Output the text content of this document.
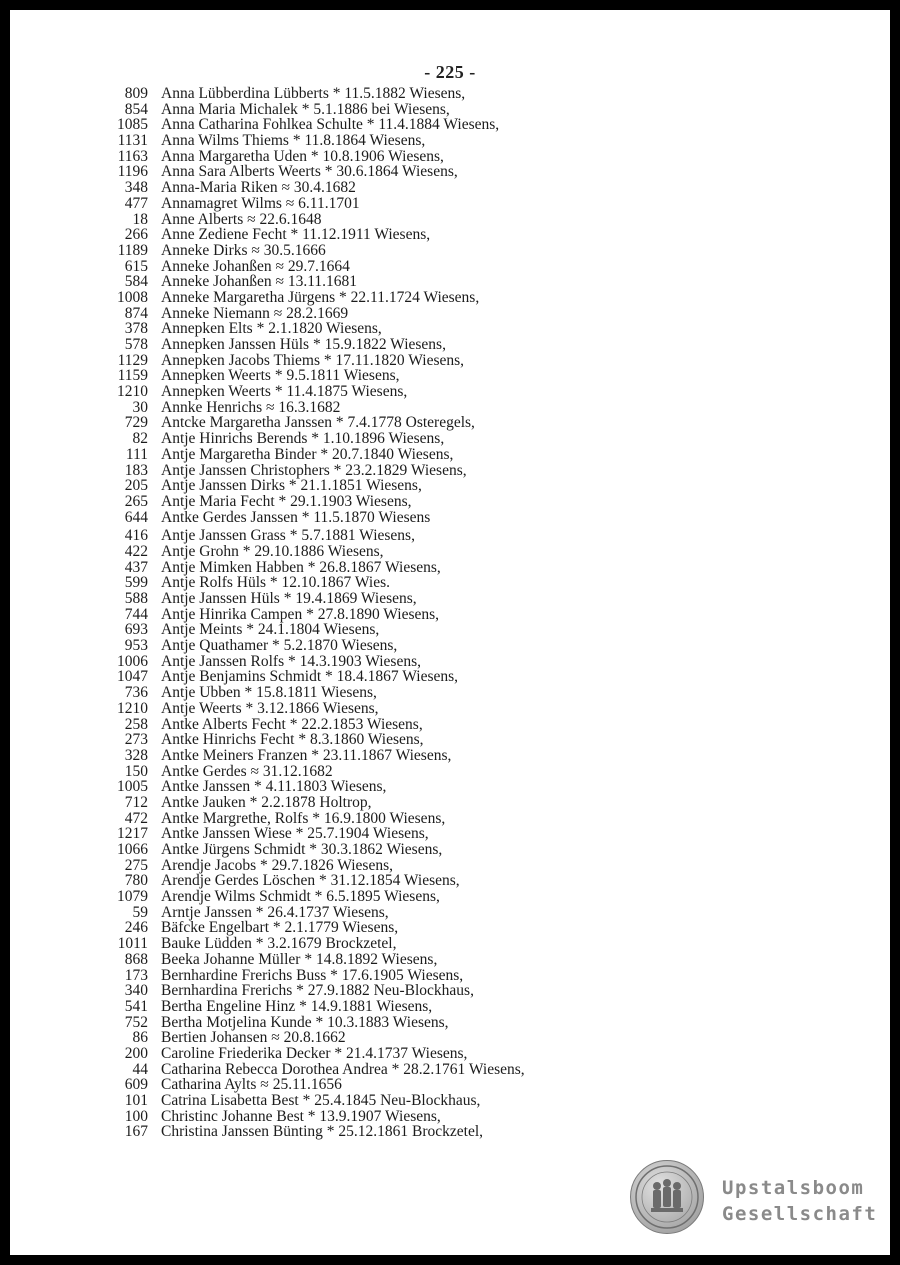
- 225 -
809 Anna Lübberdina Lübberts * 11.5.1882 Wiesens,
854 Anna Maria Michalek * 5.1.1886 bei Wiesens,
1085 Anna Catharina Fohlkea Schulte * 11.4.1884 Wiesens,
1131 Anna Wilms Thiems * 11.8.1864 Wiesens,
1163 Anna Margaretha Uden * 10.8.1906 Wiesens,
1196 Anna Sara Alberts Weerts * 30.6.1864 Wiesens,
348 Anna-Maria Riken ≈ 30.4.1682
477 Annamagret Wilms ≈ 6.11.1701
18 Anne Alberts ≈ 22.6.1648
266 Anne Zediene Fecht * 11.12.1911 Wiesens,
1189 Anneke Dirks ≈ 30.5.1666
615 Anneke Johanßen ≈ 29.7.1664
584 Anneke Johanßen ≈ 13.11.1681
1008 Anneke Margaretha Jürgens * 22.11.1724 Wiesens,
874 Anneke Niemann ≈ 28.2.1669
378 Annepken Elts * 2.1.1820 Wiesens,
578 Annepken Janssen Hüls * 15.9.1822 Wiesens,
1129 Annepken Jacobs Thiems * 17.11.1820 Wiesens,
1159 Annepken Weerts * 9.5.1811 Wiesens,
1210 Annepken Weerts * 11.4.1875 Wiesens,
30 Annke Henrichs ≈ 16.3.1682
729 Antcke Margaretha Janssen * 7.4.1778 Osteregels,
82 Antje Hinrichs Berends * 1.10.1896 Wiesens,
111 Antje Margaretha Binder * 20.7.1840 Wiesens,
183 Antje Janssen Christophers * 23.2.1829 Wiesens,
205 Antje Janssen Dirks * 21.1.1851 Wiesens,
265 Antje Maria Fecht * 29.1.1903 Wiesens,
644 Antke Gerdes Janssen * 11.5.1870 Wiesens
416 Antje Janssen Grass * 5.7.1881 Wiesens,
422 Antje Grohn * 29.10.1886 Wiesens,
437 Antje Mimken Habben * 26.8.1867 Wiesens,
599 Antje Rolfs Hüls * 12.10.1867 Wies.
588 Antje Janssen Hüls * 19.4.1869 Wiesens,
744 Antje Hinrika Campen * 27.8.1890 Wiesens,
693 Antje Meints * 24.1.1804 Wiesens,
953 Antje Quathamer * 5.2.1870 Wiesens,
1006 Antje Janssen Rolfs * 14.3.1903 Wiesens,
1047 Antje Benjamins Schmidt * 18.4.1867 Wiesens,
736 Antje Ubben * 15.8.1811 Wiesens,
1210 Antje Weerts * 3.12.1866 Wiesens,
258 Antke Alberts Fecht * 22.2.1853 Wiesens,
273 Antke Hinrichs Fecht * 8.3.1860 Wiesens,
328 Antke Meiners Franzen * 23.11.1867 Wiesens,
150 Antke Gerdes ≈ 31.12.1682
1005 Antke Janssen * 4.11.1803 Wiesens,
712 Antke Jauken * 2.2.1878 Holtrop,
472 Antke Margrethe, Rolfs * 16.9.1800 Wiesens,
1217 Antke Janssen Wiese * 25.7.1904 Wiesens,
1066 Antke Jürgens Schmidt * 30.3.1862 Wiesens,
275 Arendje Jacobs * 29.7.1826 Wiesens,
780 Arendje Gerdes Löschen * 31.12.1854 Wiesens,
1079 Arendje Wilms Schmidt * 6.5.1895 Wiesens,
59 Arntje Janssen * 26.4.1737 Wiesens,
246 Bäfcke Engelbart * 2.1.1779 Wiesens,
1011 Bauke Lüdden * 3.2.1679 Brockzetel,
868 Beeka Johanne Müller * 14.8.1892 Wiesens,
173 Bernhardine Frerichs Buss * 17.6.1905 Wiesens,
340 Bernhardina Frerichs * 27.9.1882 Neu-Blockhaus,
541 Bertha Engeline Hinz * 14.9.1881 Wiesens,
752 Bertha Motjelina Kunde * 10.3.1883 Wiesens,
86 Bertien Johansen ≈ 20.8.1662
200 Caroline Friederika Decker * 21.4.1737 Wiesens,
44 Catharina Rebecca Dorothea Andrea * 28.2.1761 Wiesens,
609 Catharina Aylts ≈ 25.11.1656
101 Catrina Lisabetta Best * 25.4.1845 Neu-Blockhaus,
100 Christinc Johanne Best * 13.9.1907 Wiesens,
167 Christina Janssen Bünting * 25.12.1861 Brockzetel,
Upstalsboom
Gesellschaft
